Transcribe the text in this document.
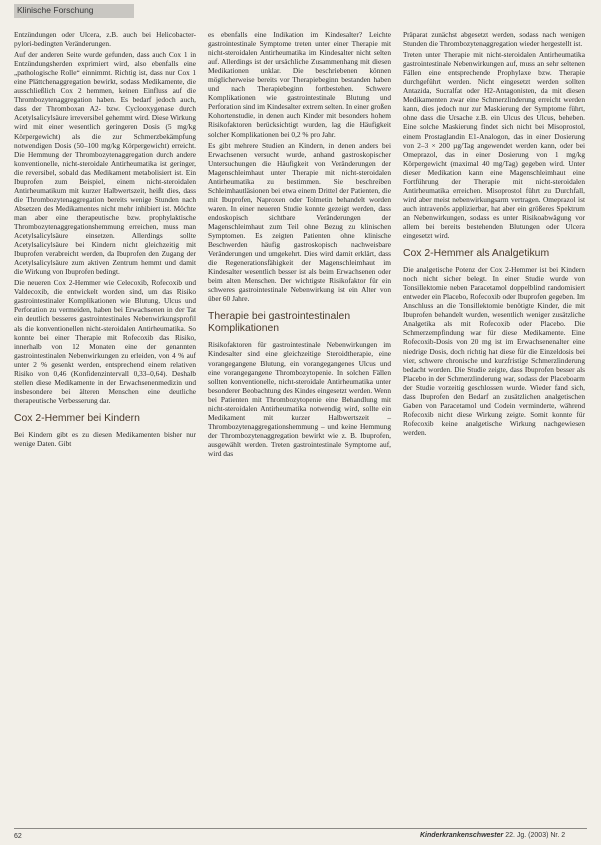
Klinische Forschung

Entzündungen oder Ulcera, z.B. auch bei Helicobacter-pylori-bedingten Veränderungen.

Auf der anderen Seite wurde gefunden, dass auch Cox 1 in Entzündungsherden exprimiert wird, also ebenfalls eine „pathologische Rolle“ einnimmt. Richtig ist, dass nur Cox 1 eine Plättchenaggregation bewirkt, sodass Medikamente, die ausschließlich Cox 2 hemmen, keinen Einfluss auf die Thrombozytenaggregation haben. Es bedarf jedoch auch, dass der Thromboxan A2- bzw. Cyclooxygenase durch Acetylsalicylsäure irreversibel gehemmt wird. Diese Wirkung wird mit einer wesentlich geringeren Dosis (5 mg/kg Körpergewicht) als die zur Schmerzbekämpfung notwendigen Dosis (50–100 mg/kg Körpergewicht) erreicht. Die Hemmung der Thrombozytenaggregation durch andere konventionelle, nicht-steroidale Antirheumatika ist geringer, die reversibel, sobald das Medikament metabolisiert ist. Ein Ibuprofen zum Beispiel, einem nicht-steroidalen Antirheumatikum mit kurzer Halbwertszeit, heißt dies, dass die Thrombozytenaggregation bereits wenige Stunden nach Absetzen des Medikamentes nicht mehr inhibiert ist. Möchte man aber eine therapeutische bzw. prophylaktische Thrombozytenaggregationshemmung erreichen, muss man Acetylsalicylsäure einsetzen. Allerdings sollte Acetylsalicylsäure bei Kindern nicht gleichzeitig mit Ibuprofen verabreicht werden, da Ibuprofen den Zugang der Acetylsalicylsäure zum aktiven Zentrum hemmt und damit die Wirkung von Ibuprofen bedingt.

Die neueren Cox 2-Hemmer wie Celecoxib, Rofecoxib und Valdecoxib, die entwickelt worden sind, um das Risiko gastrointestinaler Komplikationen wie Blutung, Ulcus und Perforation zu vermeiden, haben bei Erwachsenen in der Tat ein deutlich besseres gastrointestinales Nebenwirkungsprofil als die konventionellen nicht-steroidalen Antirheumatika. So konnte bei einer Therapie mit Rofecoxib das Risiko, innerhalb von 12 Monaten eine der genannten gastrointestinalen Nebenwirkungen zu erleiden, von 4 % auf unter 2 % gesenkt werden, entsprechend einem relativen Risiko von 0,46 (Konfidenzintervall 0,33–0,64). Deshalb stellen diese Medikamente in der Erwachsenenmedizin und insbesondere bei älteren Menschen eine deutliche therapeutische Verbesserung dar.

Cox 2-Hemmer bei Kindern

Bei Kindern gibt es zu diesen Medikamenten bisher nur wenige Daten. Gibt

es ebenfalls eine Indikation im Kindesalter? Leichte gastrointestinale Symptome treten unter einer Therapie mit nicht-steroidalen Antirheumatika im Kindesalter nicht selten auf. Allerdings ist der ursächliche Zusammenhang mit diesen Medikationen unklar. Die beschriebenen können möglicherweise bereits vor Therapiebeginn bestanden haben und nach Therapiebeginn fortbestehen. Schwere Komplikationen wie gastrointestinale Blutung und Perforation sind im Kindesalter extrem selten. In einer großen Kohortenstudie, in denen auch Kinder mit besonders hohem Risikofaktoren berücksichtigt wurden, lag die Häufigkeit solcher Komplikationen bei 0,2 % pro Jahr.

Es gibt mehrere Studien an Kindern, in denen anders bei Erwachsenen versucht wurde, anhand gastroskopischer Untersuchungen die Häufigkeit von Veränderungen der Magenschleimhaut unter Therapie mit nicht-steroidalen Antirheumatika zu bestimmen. Sie beschreiben Schleimhautläsionen bei etwa einem Drittel der Patienten, die mit Ibuprofen, Naproxen oder Tolmetin behandelt worden waren. In einer neueren Studie konnte gezeigt werden, dass endoskopisch sichtbare Veränderungen der Magenschleimhaut zum Teil ohne Bezug zu klinischen Symptomen. Es zeigten Patienten ohne klinische Beschwerden häufig gastroskopisch nachweisbare Veränderungen und umgekehrt. Dies wird damit erklärt, dass die Regenerationsfähigkeit der Magenschleimhaut im Kindesalter wesentlich besser ist als beim Erwachsenen oder beim alten Menschen. Der wichtigste Risikofaktor für ein schweres gastrointestinale Nebenwirkung ist ein Alter von über 60 Jahre.

Therapie bei gastrointestinalen Komplikationen

Risikofaktoren für gastrointestinale Nebenwirkungen im Kindesalter sind eine gleichzeitige Steroidtherapie, eine vorangegangene Blutung, ein vorangegangenes Ulcus und eine vorangegangene Thrombozytopenie. In solchen Fällen sollten konventionelle, nicht-steroidale Antirheumatika unter besonderer Beobachtung des Kindes eingesetzt werden. Wenn bei Patienten mit Thrombozytopenie eine Behandlung mit nicht-steroidalen Antirheumatika notwendig wird, sollte ein Medikament mit kurzer Halbwertszeit – Thrombozytenaggregationshemmung – und keine Hemmung der Thrombozytenaggregation bewirkt wie z. B. Ibuprofen, ausgewählt werden. Treten gastrointestinale Symptome auf, wird das

Präparat zunächst abgesetzt werden, sodass nach wenigen Stunden die Thrombozytenaggregation wieder hergestellt ist.

Treten unter Therapie mit nicht-steroidalen Antirheumatika gastrointestinale Nebenwirkungen auf, muss an sehr seltenen Fällen eine entsprechende Prophylaxe bzw. Therapie durchgeführt werden. Nicht eingesetzt werden sollten Antazida, Sucralfat oder H2-Antagonisten, da mit diesen Medikamenten zwar eine Schmerzlinderung erreicht werden kann, dies jedoch nur zur Maskierung der Symptome führt, ohne dass die Ursache z.B. ein Ulcus des Ulcus, beheben. Eine solche Maskierung findet sich nicht bei Misoprostol, einem Prostaglandin E1-Analogon, das in einer Dosierung von 2–3 × 200 µg/Tag angewendet werden kann, oder bei Omeprazol, das in einer Dosierung von 1 mg/kg Körpergewicht (maximal 40 mg/Tag) gegeben wird. Unter dieser Medikation kann eine Magenschleimhaut eine Fortführung der Therapie mit nicht-steroidalen Antirheumatika erreichen. Misoprostol führt zu Durchfall, wird aber meist nebenwirkungsarm vertragen. Omeprazol ist auch intravenös applizierbar, hat aber ein größeres Spektrum an Nebenwirkungen, sodass es unter Risikoabwägung vor allem bei bereits bestehenden Blutungen oder Ulcera eingesetzt wird.

Cox 2-Hemmer als Analgetikum

Die analgetische Potenz der Cox 2-Hemmer ist bei Kindern noch nicht sicher belegt. In einer Studie wurde von Tonsillektomie neben Paracetamol doppelblind randomisiert entweder ein Placebo, Rofecoxib oder Ibuprofen gegeben. Im Anschluss an die Tonsillektomie benötigte Kinder, die mit Ibuprofen behandelt wurden, wesentlich weniger zusätzliche Analgetika als mit Rofecoxib oder Placebo. Die Schmerzempfindung war für diese Medikamente. Eine Rofecoxib-Dosis von 20 mg ist im Erwachsenenalter eine niedrige Dosis, doch richtig hat diese für die Einzeldosis bei vier, schwere chronische und kurzfristige Schmerzlinderung bedacht worden. Die Studie zeigte, dass Ibuprofen besser als Placebo in der Schmerzlinderung war, sodass der Placeboarm der Studie vorzeitig geschlossen wurde. Wieder fand sich, dass Ibuprofen den Bedarf an zusätzlichen analgetischen Gaben von Paracetamol und Codein verminderte, während Rofecoxib nicht diese Wirkung zeigte. Somit konnte für Rofecoxib keine analgetische Wirkung nachgewiesen werden.

62	Kinderkrankenschwester 22. Jg. (2003) Nr. 2
